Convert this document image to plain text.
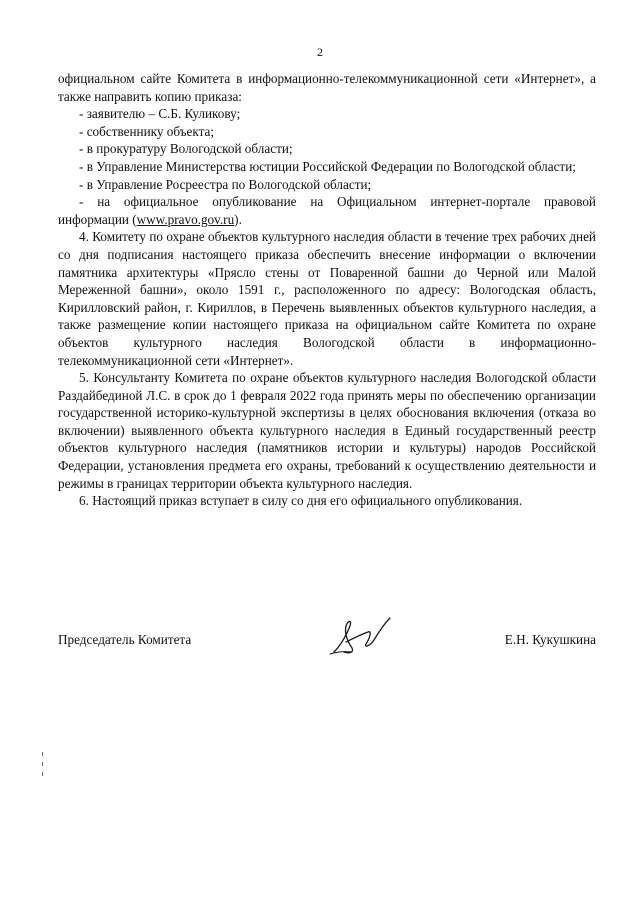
2

официальном сайте Комитета в информационно-телекоммуникационной сети «Интернет», а также направить копию приказа:

- заявителю – С.Б. Куликову;

- собственнику объекта;

- в прокуратуру Вологодской области;

- в Управление Министерства юстиции Российской Федерации по Вологодской области;

- в Управление Росреестра по Вологодской области;

- на официальное опубликование на Официальном интернет-портале правовой информации (www.pravo.gov.ru).

4. Комитету по охране объектов культурного наследия области в течение трех рабочих дней со дня подписания настоящего приказа обеспечить внесение информации о включении памятника архитектуры «Прясло стены от Поваренной башни до Черной или Малой Мереженной башни», около 1591 г., расположенного по адресу: Вологодская область, Кирилловский район, г. Кириллов, в Перечень выявленных объектов культурного наследия, а также размещение копии настоящего приказа на официальном сайте Комитета по охране объектов культурного наследия Вологодской области в информационно-телекоммуникационной сети «Интернет».

5. Консультанту Комитета по охране объектов культурного наследия Вологодской области Раздайбединой Л.С. в срок до 1 февраля 2022 года принять меры по обеспечению организации государственной историко-культурной экспертизы в целях обоснования включения (отказа во включении) выявленного объекта культурного наследия в Единый государственный реестр объектов культурного наследия (памятников истории и культуры) народов Российской Федерации, установления предмета его охраны, требований к осуществлению деятельности и режимы в границах территории объекта культурного наследия.

6. Настоящий приказ вступает в силу со дня его официального опубликования.

Председатель Комитета	Е.Н. Кукушкина
